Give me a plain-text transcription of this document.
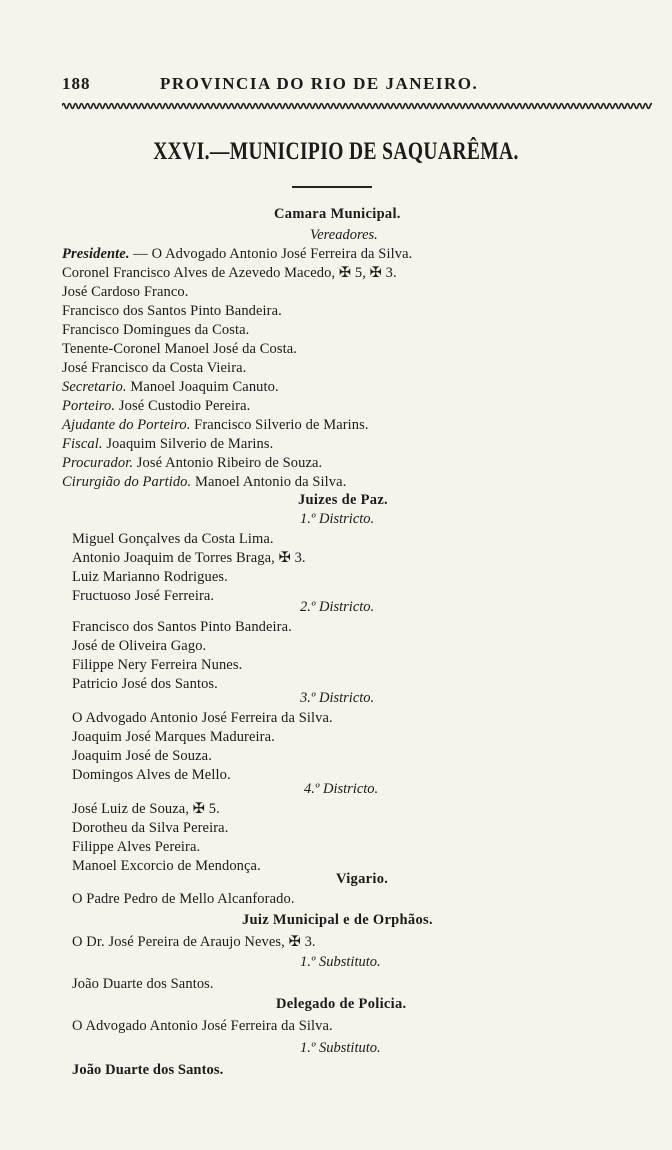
188	PROVINCIA DO RIO DE JANEIRO.
XXVI.—MUNICIPIO DE SAQUARÊMA.
Camara Municipal.
Vereadores.
Presidente. — O Advogado Antonio José Ferreira da Silva.
Coronel Francisco Alves de Azevedo Macedo, ✠ 5, ✠ 3.
José Cardoso Franco.
Francisco dos Santos Pinto Bandeira.
Francisco Domingues da Costa.
Tenente-Coronel Manoel José da Costa.
José Francisco da Costa Vieira.
Secretario. Manoel Joaquim Canuto.
Porteiro. José Custodio Pereira.
Ajudante do Porteiro. Francisco Silverio de Marins.
Fiscal. Joaquim Silverio de Marins.
Procurador. José Antonio Ribeiro de Souza.
Cirurgião do Partido. Manoel Antonio da Silva.
Juizes de Paz.
1.º Districto.
Miguel Gonçalves da Costa Lima.
Antonio Joaquim de Torres Braga, ✠ 3.
Luiz Marianno Rodrigues.
Fructuoso José Ferreira.
2.º Districto.
Francisco dos Santos Pinto Bandeira.
José de Oliveira Gago.
Filippe Nery Ferreira Nunes.
Patricio José dos Santos.
3.º Districto.
O Advogado Antonio José Ferreira da Silva.
Joaquim José Marques Madureira.
Joaquim José de Souza.
Domingos Alves de Mello.
4.º Districto.
José Luiz de Souza, ✠ 5.
Dorotheu da Silva Pereira.
Filippe Alves Pereira.
Manoel Excorcio de Mendonça.
Vigario.
O Padre Pedro de Mello Alcanforado.
Juiz Municipal e de Orphãos.
O Dr. José Pereira de Araujo Neves, ✠ 3.
1.º Substituto.
João Duarte dos Santos.
Delegado de Policia.
O Advogado Antonio José Ferreira da Silva.
1.º Substituto.
João Duarte dos Santos.
